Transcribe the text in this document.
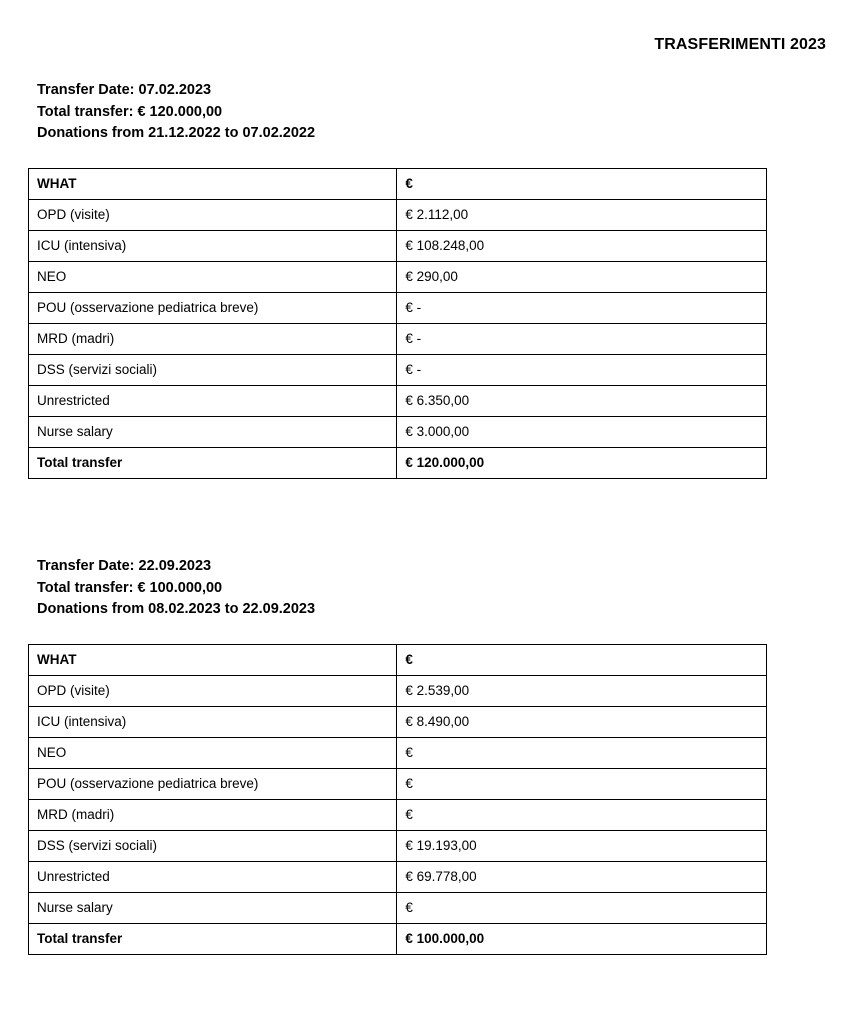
TRASFERIMENTI 2023
Transfer Date: 07.02.2023
Total transfer: € 120.000,00
Donations from 21.12.2022 to 07.02.2022
WHAT	€
OPD (visite)	€ 2.112,00
ICU (intensiva)	€ 108.248,00
NEO	€ 290,00
POU (osservazione pediatrica breve)	€ -
MRD (madri)	€ -
DSS (servizi sociali)	€ -
Unrestricted	€ 6.350,00
Nurse salary	€ 3.000,00
Total transfer	€ 120.000,00
Transfer Date: 22.09.2023
Total transfer: € 100.000,00
Donations from 08.02.2023 to 22.09.2023
WHAT	€
OPD (visite)	€ 2.539,00
ICU (intensiva)	€ 8.490,00
NEO	€
POU (osservazione pediatrica breve)	€
MRD (madri)	€
DSS (servizi sociali)	€ 19.193,00
Unrestricted	€ 69.778,00
Nurse salary	€
Total transfer	€ 100.000,00
